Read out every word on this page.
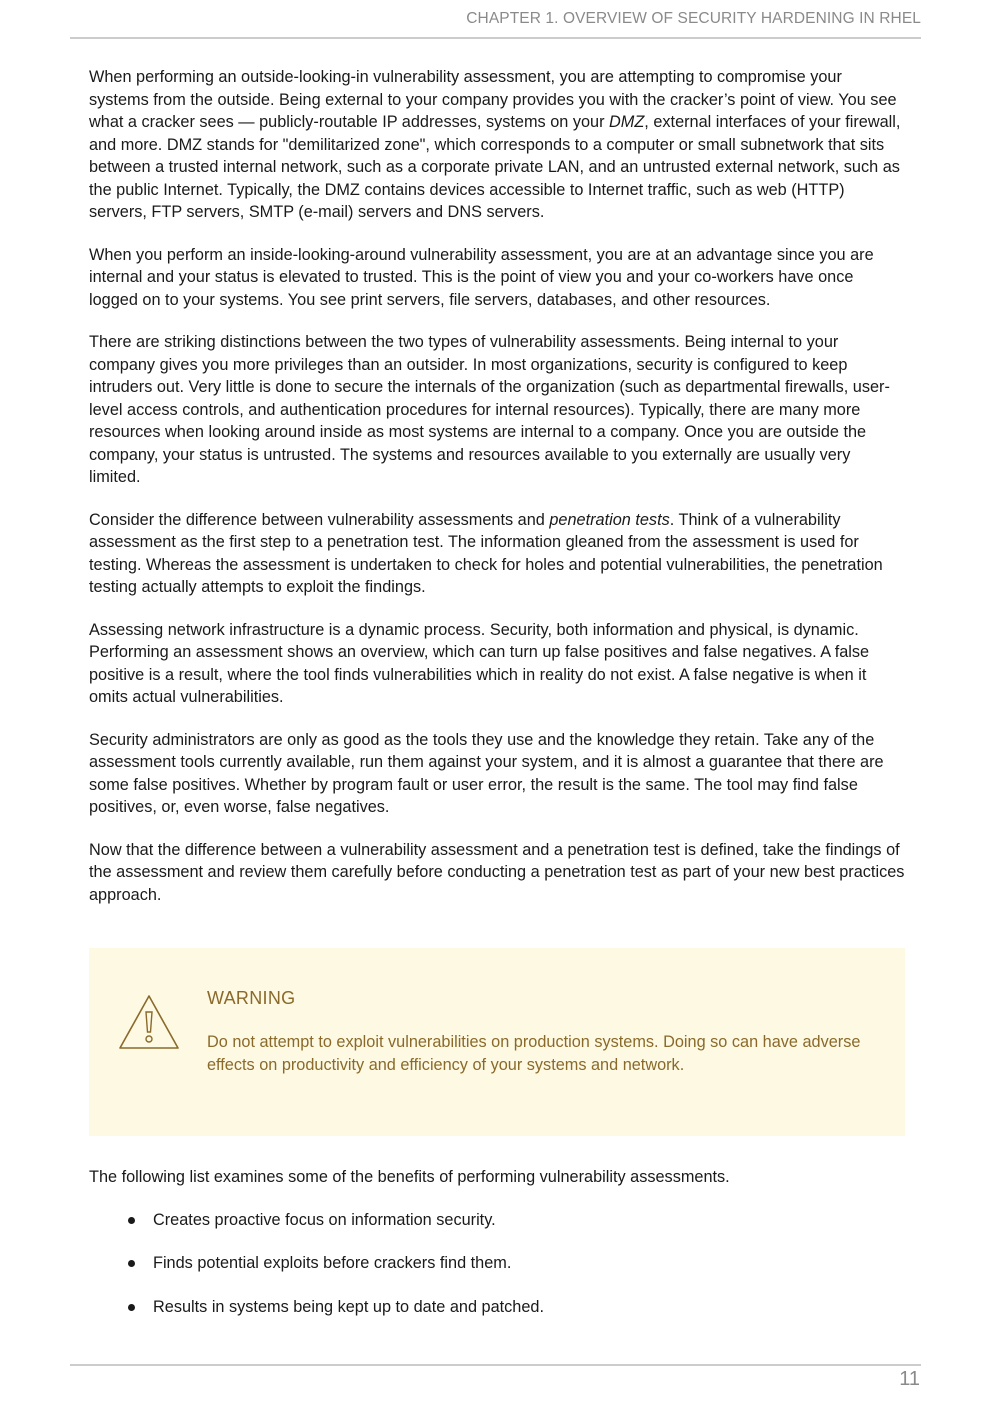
CHAPTER 1. OVERVIEW OF SECURITY HARDENING IN RHEL

When performing an outside-looking-in vulnerability assessment, you are attempting to compromise your systems from the outside. Being external to your company provides you with the cracker’s point of view. You see what a cracker sees — publicly-routable IP addresses, systems on your DMZ, external interfaces of your firewall, and more. DMZ stands for "demilitarized zone", which corresponds to a computer or small subnetwork that sits between a trusted internal network, such as a corporate private LAN, and an untrusted external network, such as the public Internet. Typically, the DMZ contains devices accessible to Internet traffic, such as web (HTTP) servers, FTP servers, SMTP (e-mail) servers and DNS servers.

When you perform an inside-looking-around vulnerability assessment, you are at an advantage since you are internal and your status is elevated to trusted. This is the point of view you and your co-workers have once logged on to your systems. You see print servers, file servers, databases, and other resources.

There are striking distinctions between the two types of vulnerability assessments. Being internal to your company gives you more privileges than an outsider. In most organizations, security is configured to keep intruders out. Very little is done to secure the internals of the organization (such as departmental firewalls, user-level access controls, and authentication procedures for internal resources). Typically, there are many more resources when looking around inside as most systems are internal to a company. Once you are outside the company, your status is untrusted. The systems and resources available to you externally are usually very limited.

Consider the difference between vulnerability assessments and penetration tests. Think of a vulnerability assessment as the first step to a penetration test. The information gleaned from the assessment is used for testing. Whereas the assessment is undertaken to check for holes and potential vulnerabilities, the penetration testing actually attempts to exploit the findings.

Assessing network infrastructure is a dynamic process. Security, both information and physical, is dynamic. Performing an assessment shows an overview, which can turn up false positives and false negatives. A false positive is a result, where the tool finds vulnerabilities which in reality do not exist. A false negative is when it omits actual vulnerabilities.

Security administrators are only as good as the tools they use and the knowledge they retain. Take any of the assessment tools currently available, run them against your system, and it is almost a guarantee that there are some false positives. Whether by program fault or user error, the result is the same. The tool may find false positives, or, even worse, false negatives.

Now that the difference between a vulnerability assessment and a penetration test is defined, take the findings of the assessment and review them carefully before conducting a penetration test as part of your new best practices approach.

WARNING
Do not attempt to exploit vulnerabilities on production systems. Doing so can have adverse effects on productivity and efficiency of your systems and network.

The following list examines some of the benefits of performing vulnerability assessments.

Creates proactive focus on information security.
Finds potential exploits before crackers find them.
Results in systems being kept up to date and patched.
11
